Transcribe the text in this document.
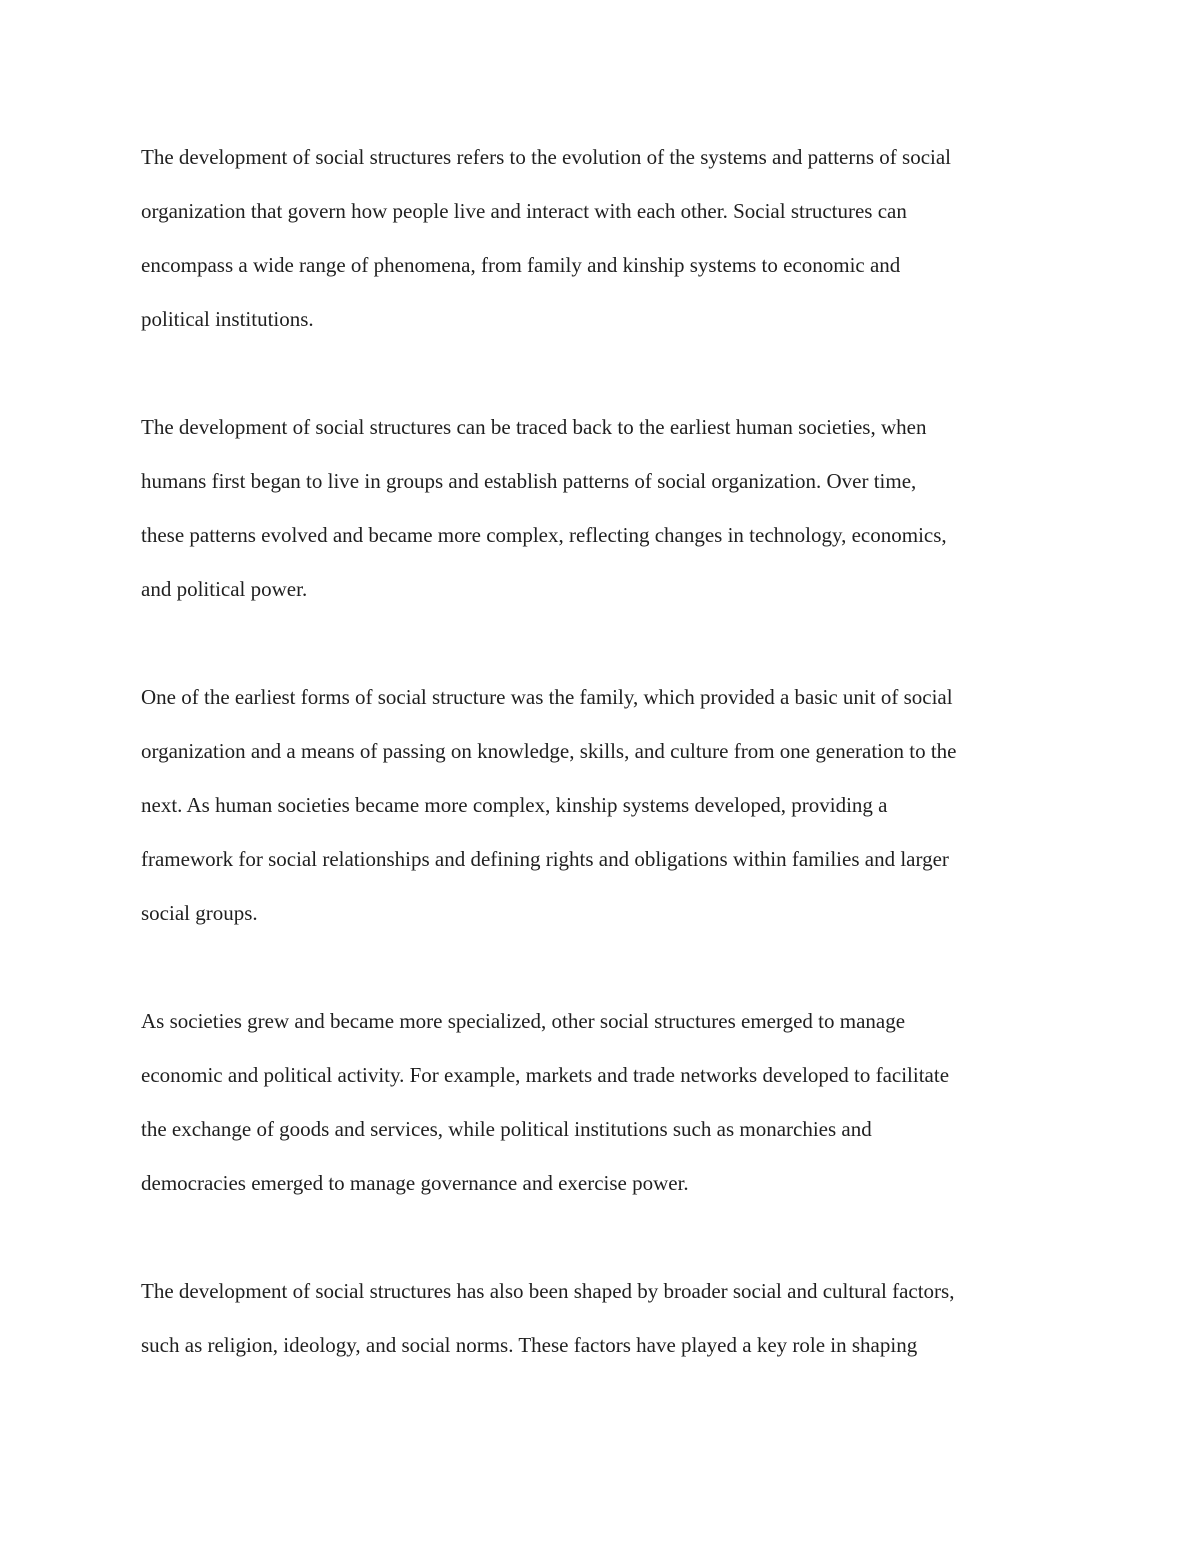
The development of social structures refers to the evolution of the systems and patterns of social
organization that govern how people live and interact with each other. Social structures can
encompass a wide range of phenomena, from family and kinship systems to economic and
political institutions.
The development of social structures can be traced back to the earliest human societies, when
humans first began to live in groups and establish patterns of social organization. Over time,
these patterns evolved and became more complex, reflecting changes in technology, economics,
and political power.
One of the earliest forms of social structure was the family, which provided a basic unit of social
organization and a means of passing on knowledge, skills, and culture from one generation to the
next. As human societies became more complex, kinship systems developed, providing a
framework for social relationships and defining rights and obligations within families and larger
social groups.
As societies grew and became more specialized, other social structures emerged to manage
economic and political activity. For example, markets and trade networks developed to facilitate
the exchange of goods and services, while political institutions such as monarchies and
democracies emerged to manage governance and exercise power.
The development of social structures has also been shaped by broader social and cultural factors,
such as religion, ideology, and social norms. These factors have played a key role in shaping
